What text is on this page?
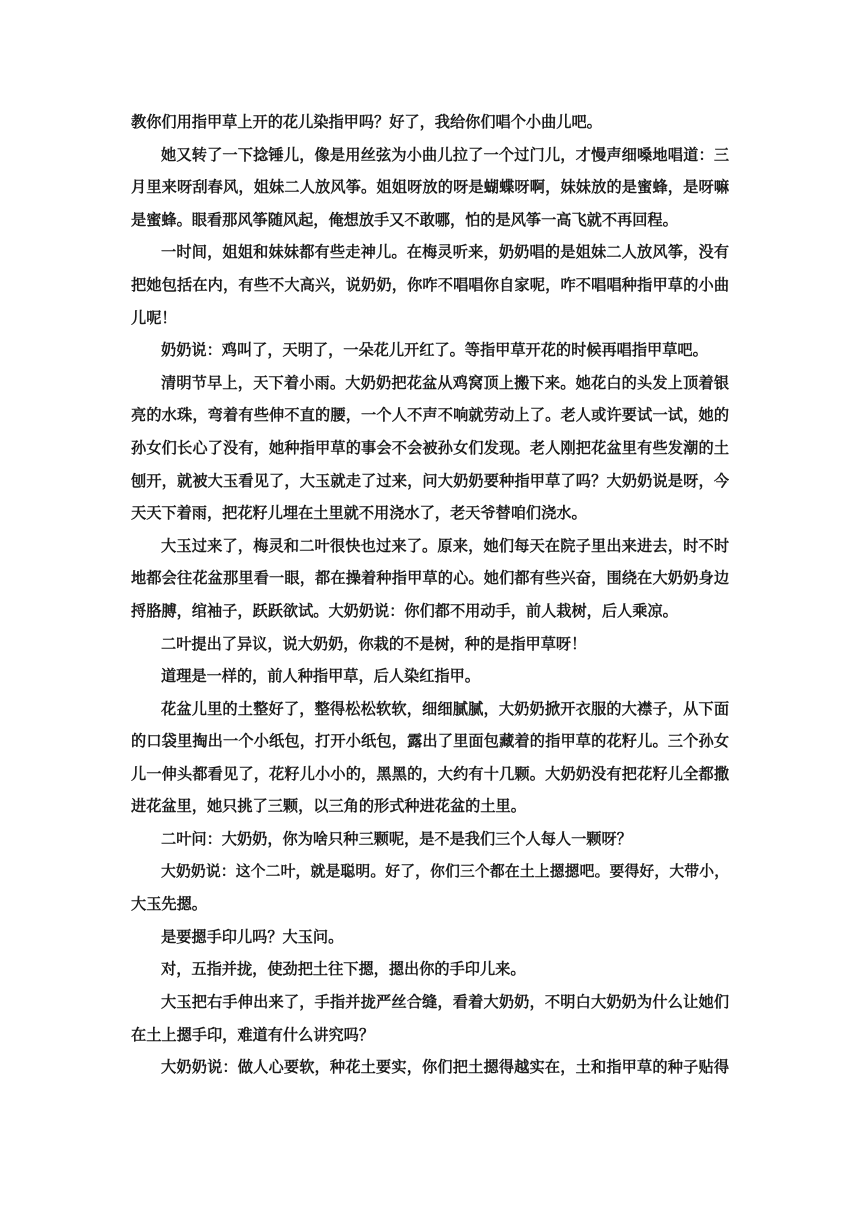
教你们用指甲草上开的花儿染指甲吗？好了，我给你们唱个小曲儿吧。
她又转了一下捻锤儿，像是用丝弦为小曲儿拉了一个过门儿，才慢声细嗓地唱道：三
月里来呀刮春风，姐妹二人放风筝。姐姐呀放的呀是蝴蝶呀啊，妹妹放的是蜜蜂，是呀嘛
是蜜蜂。眼看那风筝随风起，俺想放手又不敢哪，怕的是风筝一高飞就不再回程。
一时间，姐姐和妹妹都有些走神儿。在梅灵听来，奶奶唱的是姐妹二人放风筝，没有
把她包括在内，有些不大高兴，说奶奶，你咋不唱唱你自家呢，咋不唱唱种指甲草的小曲
儿呢！
奶奶说：鸡叫了，天明了，一朵花儿开红了。等指甲草开花的时候再唱指甲草吧。
清明节早上，天下着小雨。大奶奶把花盆从鸡窝顶上搬下来。她花白的头发上顶着银
亮的水珠，弯着有些伸不直的腰，一个人不声不响就劳动上了。老人或许要试一试，她的
孙女们长心了没有，她种指甲草的事会不会被孙女们发现。老人刚把花盆里有些发潮的土
刨开，就被大玉看见了，大玉就走了过来，问大奶奶要种指甲草了吗？大奶奶说是呀，今
天天下着雨，把花籽儿埋在土里就不用浇水了，老天爷替咱们浇水。
大玉过来了，梅灵和二叶很快也过来了。原来，她们每天在院子里出来进去，时不时
地都会往花盆那里看一眼，都在操着种指甲草的心。她们都有些兴奋，围绕在大奶奶身边
捋胳膊，绾袖子，跃跃欲试。大奶奶说：你们都不用动手，前人栽树，后人乘凉。
二叶提出了异议，说大奶奶，你栽的不是树，种的是指甲草呀！
道理是一样的，前人种指甲草，后人染红指甲。
花盆儿里的土整好了，整得松松软软，细细腻腻，大奶奶掀开衣服的大襟子，从下面
的口袋里掏出一个小纸包，打开小纸包，露出了里面包藏着的指甲草的花籽儿。三个孙女
儿一伸头都看见了，花籽儿小小的，黑黑的，大约有十几颗。大奶奶没有把花籽儿全都撒
进花盆里，她只挑了三颗，以三角的形式种进花盆的土里。
二叶问：大奶奶，你为啥只种三颗呢，是不是我们三个人每人一颗呀？
大奶奶说：这个二叶，就是聪明。好了，你们三个都在土上摁摁吧。要得好，大带小，
大玉先摁。
是要摁手印儿吗？大玉问。
对，五指并拢，使劲把土往下摁，摁出你的手印儿来。
大玉把右手伸出来了，手指并拢严丝合缝，看着大奶奶，不明白大奶奶为什么让她们
在土上摁手印，难道有什么讲究吗？
大奶奶说：做人心要软，种花土要实，你们把土摁得越实在，土和指甲草的种子贴得
